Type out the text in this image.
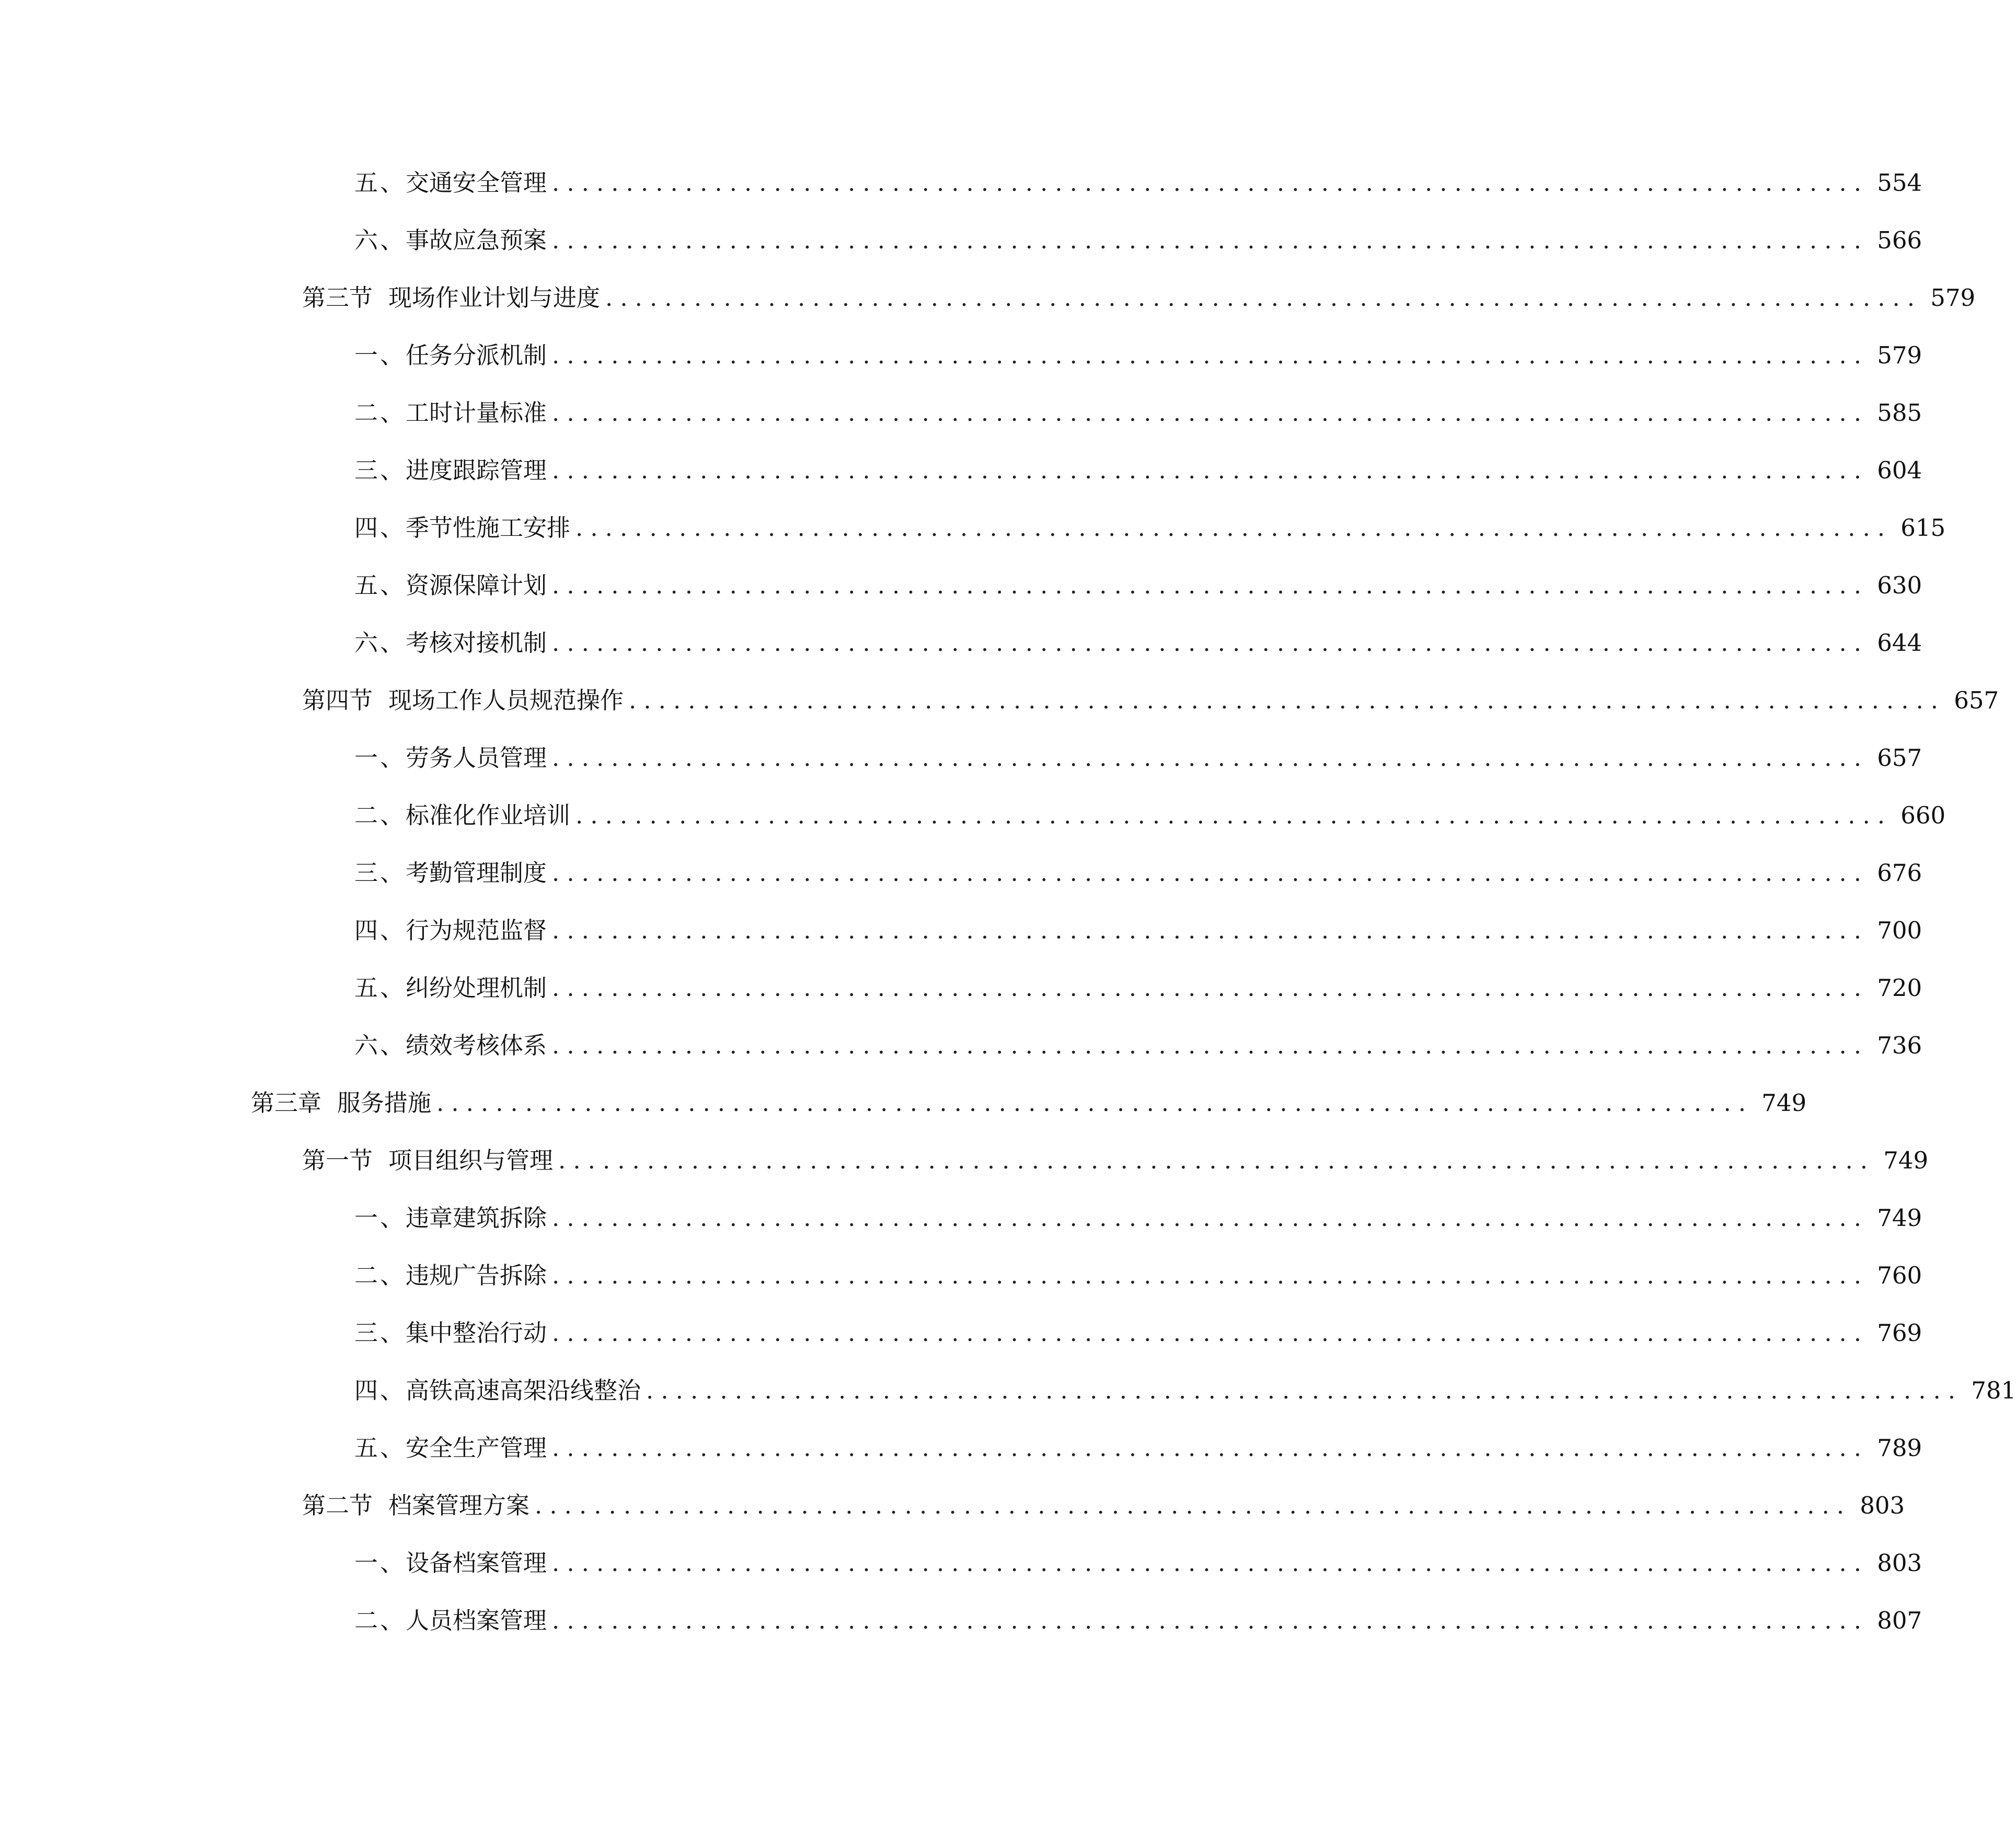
五、 交通安全管理 ......................................................................................... 554
六、 事故应急预案 ......................................................................................... 566
第三节 现场作业计划与进度 ......................................................................................... 579
一、 任务分派机制 ......................................................................................... 579
二、 工时计量标准 ......................................................................................... 585
三、 进度跟踪管理 ......................................................................................... 604
四、 季节性施工安排 ......................................................................................... 615
五、 资源保障计划 ......................................................................................... 630
六、 考核对接机制 ......................................................................................... 644
第四节 现场工作人员规范操作 ......................................................................................... 657
一、 劳务人员管理 ......................................................................................... 657
二、 标准化作业培训 ......................................................................................... 660
三、 考勤管理制度 ......................................................................................... 676
四、 行为规范监督 ......................................................................................... 700
五、 纠纷处理机制 ......................................................................................... 720
六、 绩效考核体系 ......................................................................................... 736
第三章 服务措施 ......................................................................................... 749
第一节 项目组织与管理 ......................................................................................... 749
一、 违章建筑拆除 ......................................................................................... 749
二、 违规广告拆除 ......................................................................................... 760
三、 集中整治行动 ......................................................................................... 769
四、 高铁高速高架沿线整治 ......................................................................................... 781
五、 安全生产管理 ......................................................................................... 789
第二节 档案管理方案 ......................................................................................... 803
一、 设备档案管理 ......................................................................................... 803
二、 人员档案管理 ......................................................................................... 807
